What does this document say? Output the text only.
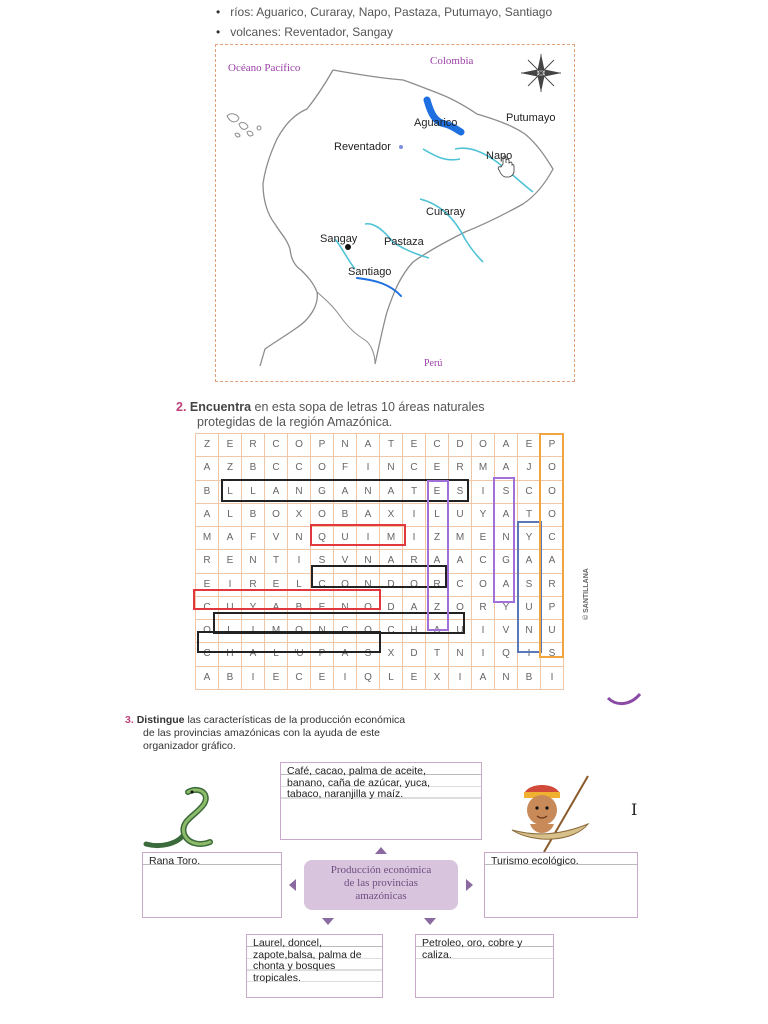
• ríos: Aguarico, Curaray, Napo, Pastaza, Putumayo, Santiago
• volcanes: Reventador, Sangay
Océano Pacífico
Colombia
Perú
Aguarico	Putumayo
Reventador
Napo
Curaray
Sangay Pastaza
Santiago
2. Encuentra en esta sopa de letras 10 áreas naturales
protegidas de la región Amazónica.
Z	E	R	C	O	P	N	A	T	E	C	D	O	A	E	P
A	Z	B	C	C	O	F	I	N	C	E	R	M	A	J	O
B	L	L	A	N	G	A	N	A	T	E	S	I	S	C	O
A	L	B	O	X	O	B	A	X	I	L	U	Y	A	T	O
M	A	F	V	N	Q	U	I	M	I	Z	M	E	N	Y	C
R	E	N	T	I	S	V	N	A	R	A	A	C	G	A	A
E	I	R	E	L	C	O	N	D	O	R	C	O	A	S	R
C	U	Y	A	B	E	N	O	D	A	Z	O	R	Y	U	P
O	L	I	M	O	N	C	O	C	H	A	U	I	V	N	U
C	H	A	L	'U	P	A	S	X	D	T	N	I	Q	I	S
A	B	I	E	C	E	I	Q	L	E	X	I	A	N	B	I
© SANTILLANA
3. Distingue las características de la producción económica
de las provincias amazónicas con la ayuda de este
organizador gráfico.
Café, cacao, palma de aceite,
banano, caña de azúcar, yuca,
tabaco, naranjilla y maíz.
Rana Toro.	Turismo ecológico.
Producción económica
de las provincias
amazónicas
Laurel, doncel,
zapote,balsa, palma de
chonta y bosques
tropicales.
Petroleo, oro, cobre y
caliza.
I
